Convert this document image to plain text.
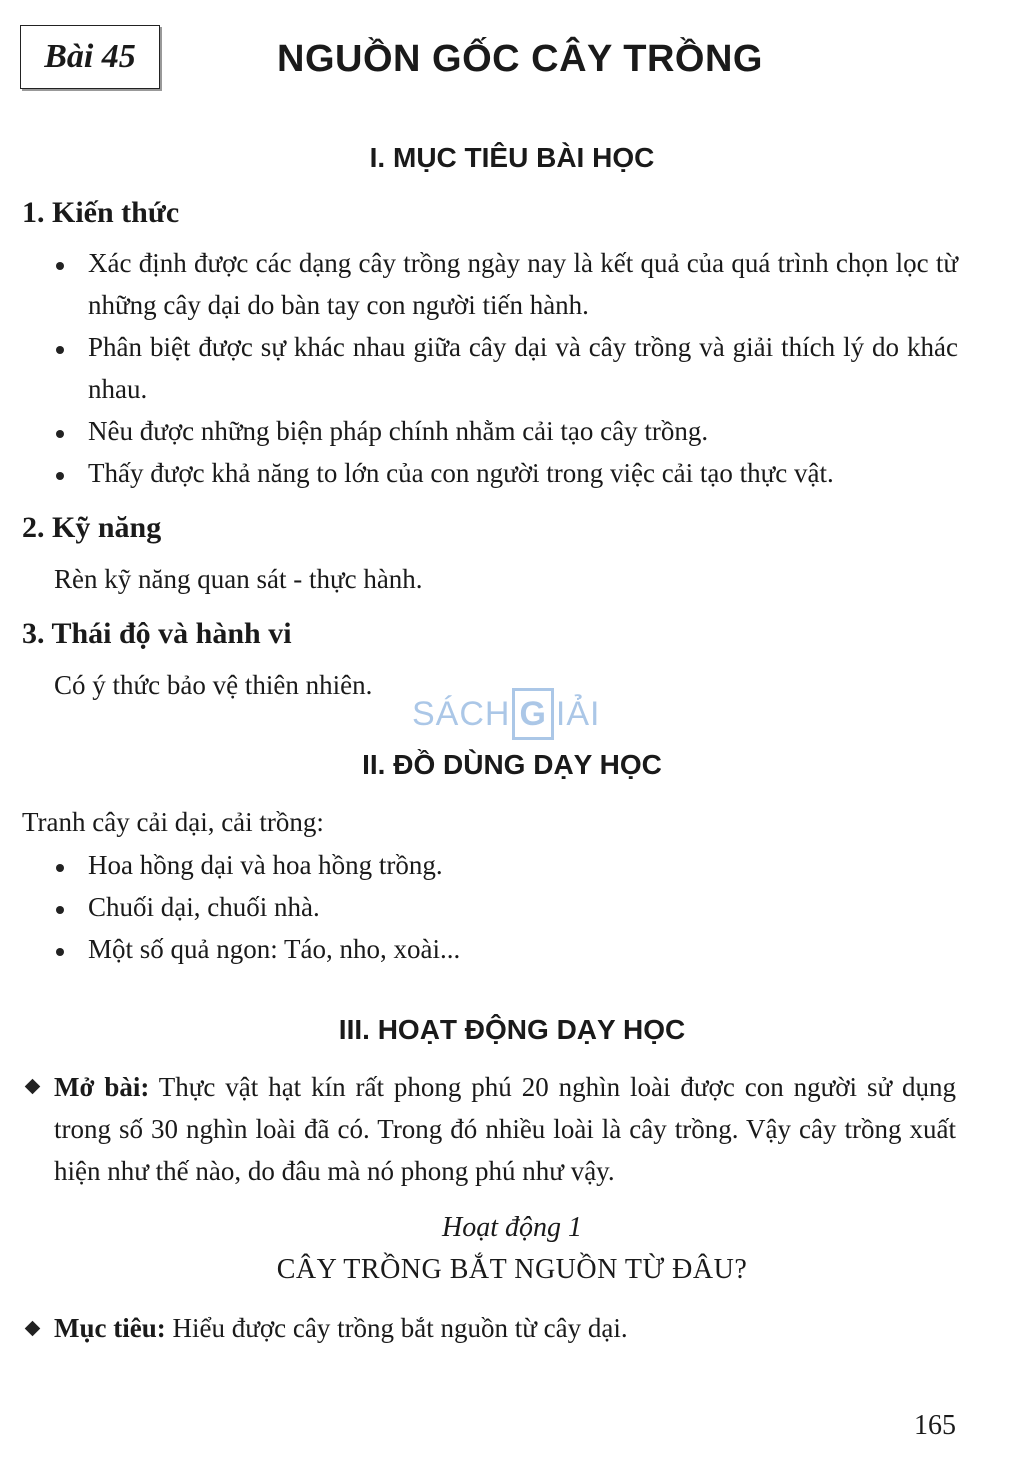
Bài 45	NGUỒN GỐC CÂY TRỒNG
I. MỤC TIÊU BÀI HỌC
1. Kiến thức
Xác định được các dạng cây trồng ngày nay là kết quả của quá trình chọn lọc từ những cây dại do bàn tay con người tiến hành.
Phân biệt được sự khác nhau giữa cây dại và cây trồng và giải thích lý do khác nhau.
Nêu được những biện pháp chính nhằm cải tạo cây trồng.
Thấy được khả năng to lớn của con người trong việc cải tạo thực vật.
2. Kỹ năng
Rèn kỹ năng quan sát - thực hành.
3. Thái độ và hành vi
Có ý thức bảo vệ thiên nhiên.
SÁCH G IẢI
II. ĐỒ DÙNG DẠY HỌC
Tranh cây cải dại, cải trồng:
Hoa hồng dại và hoa hồng trồng.
Chuối dại, chuối nhà.
Một số quả ngon: Táo, nho, xoài...
III. HOẠT ĐỘNG DẠY HỌC
Mở bài: Thực vật hạt kín rất phong phú 20 nghìn loài được con người sử dụng trong số 30 nghìn loài đã có. Trong đó nhiều loài là cây trồng. Vậy cây trồng xuất hiện như thế nào, do đâu mà nó phong phú như vậy.
Hoạt động 1
CÂY TRỒNG BẮT NGUỒN TỪ ĐÂU?
Mục tiêu: Hiểu được cây trồng bắt nguồn từ cây dại.
165
